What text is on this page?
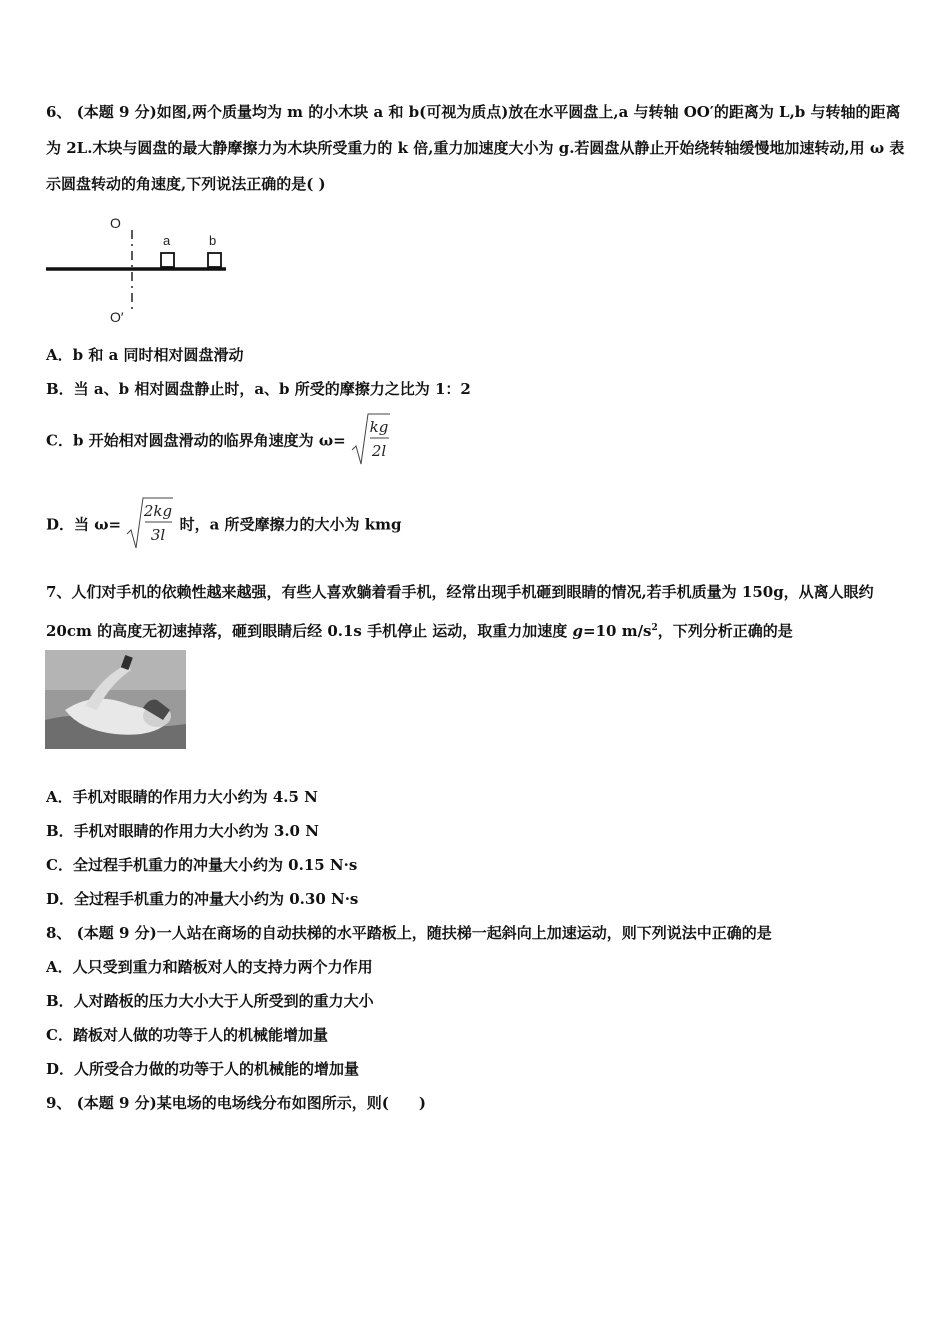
6、 (本题 9 分)如图,两个质量均为 m 的小木块 a 和 b(可视为质点)放在水平圆盘上,a 与转轴 OO′的距离为 L,b 与转轴的距离为 2L.木块与圆盘的最大静摩擦力为木块所受重力的 k 倍,重力加速度大小为 g.若圆盘从静止开始绕转轴缓慢地加速转动,用 ω 表示圆盘转动的角速度,下列说法正确的是( )
O
a	b
O′
A．b 和 a 同时相对圆盘滑动
B．当 a、b 相对圆盘静止时，a、b 所受的摩擦力之比为 1：2
C．b 开始相对圆盘滑动的临界角速度为 ω=
kg
2l
D．当 ω=
2kg
3l
时，a 所受摩擦力的大小为 kmg
7、人们对手机的依赖性越来越强，有些人喜欢躺着看手机，经常出现手机砸到眼睛的情况,若手机质量为 150g，从离人眼约 20cm 的高度无初速掉落，砸到眼睛后经 0.1s 手机停止 运动，取重力加速度 g=10 $m/s^2$，下列分析正确的是
A．手机对眼睛的作用力大小约为 4.5 N
B．手机对眼睛的作用力大小约为 3.0 N
C．全过程手机重力的冲量大小约为 0.15 N·s
D．全过程手机重力的冲量大小约为 0.30 N·s
8、 (本题 9 分)一人站在商场的自动扶梯的水平踏板上，随扶梯一起斜向上加速运动，则下列说法中正确的是
A．人只受到重力和踏板对人的支持力两个力作用
B．人对踏板的压力大小大于人所受到的重力大小
C．踏板对人做的功等于人的机械能增加量
D．人所受合力做的功等于人的机械能的增加量
9、 (本题 9 分)某电场的电场线分布如图所示，则(　　)
